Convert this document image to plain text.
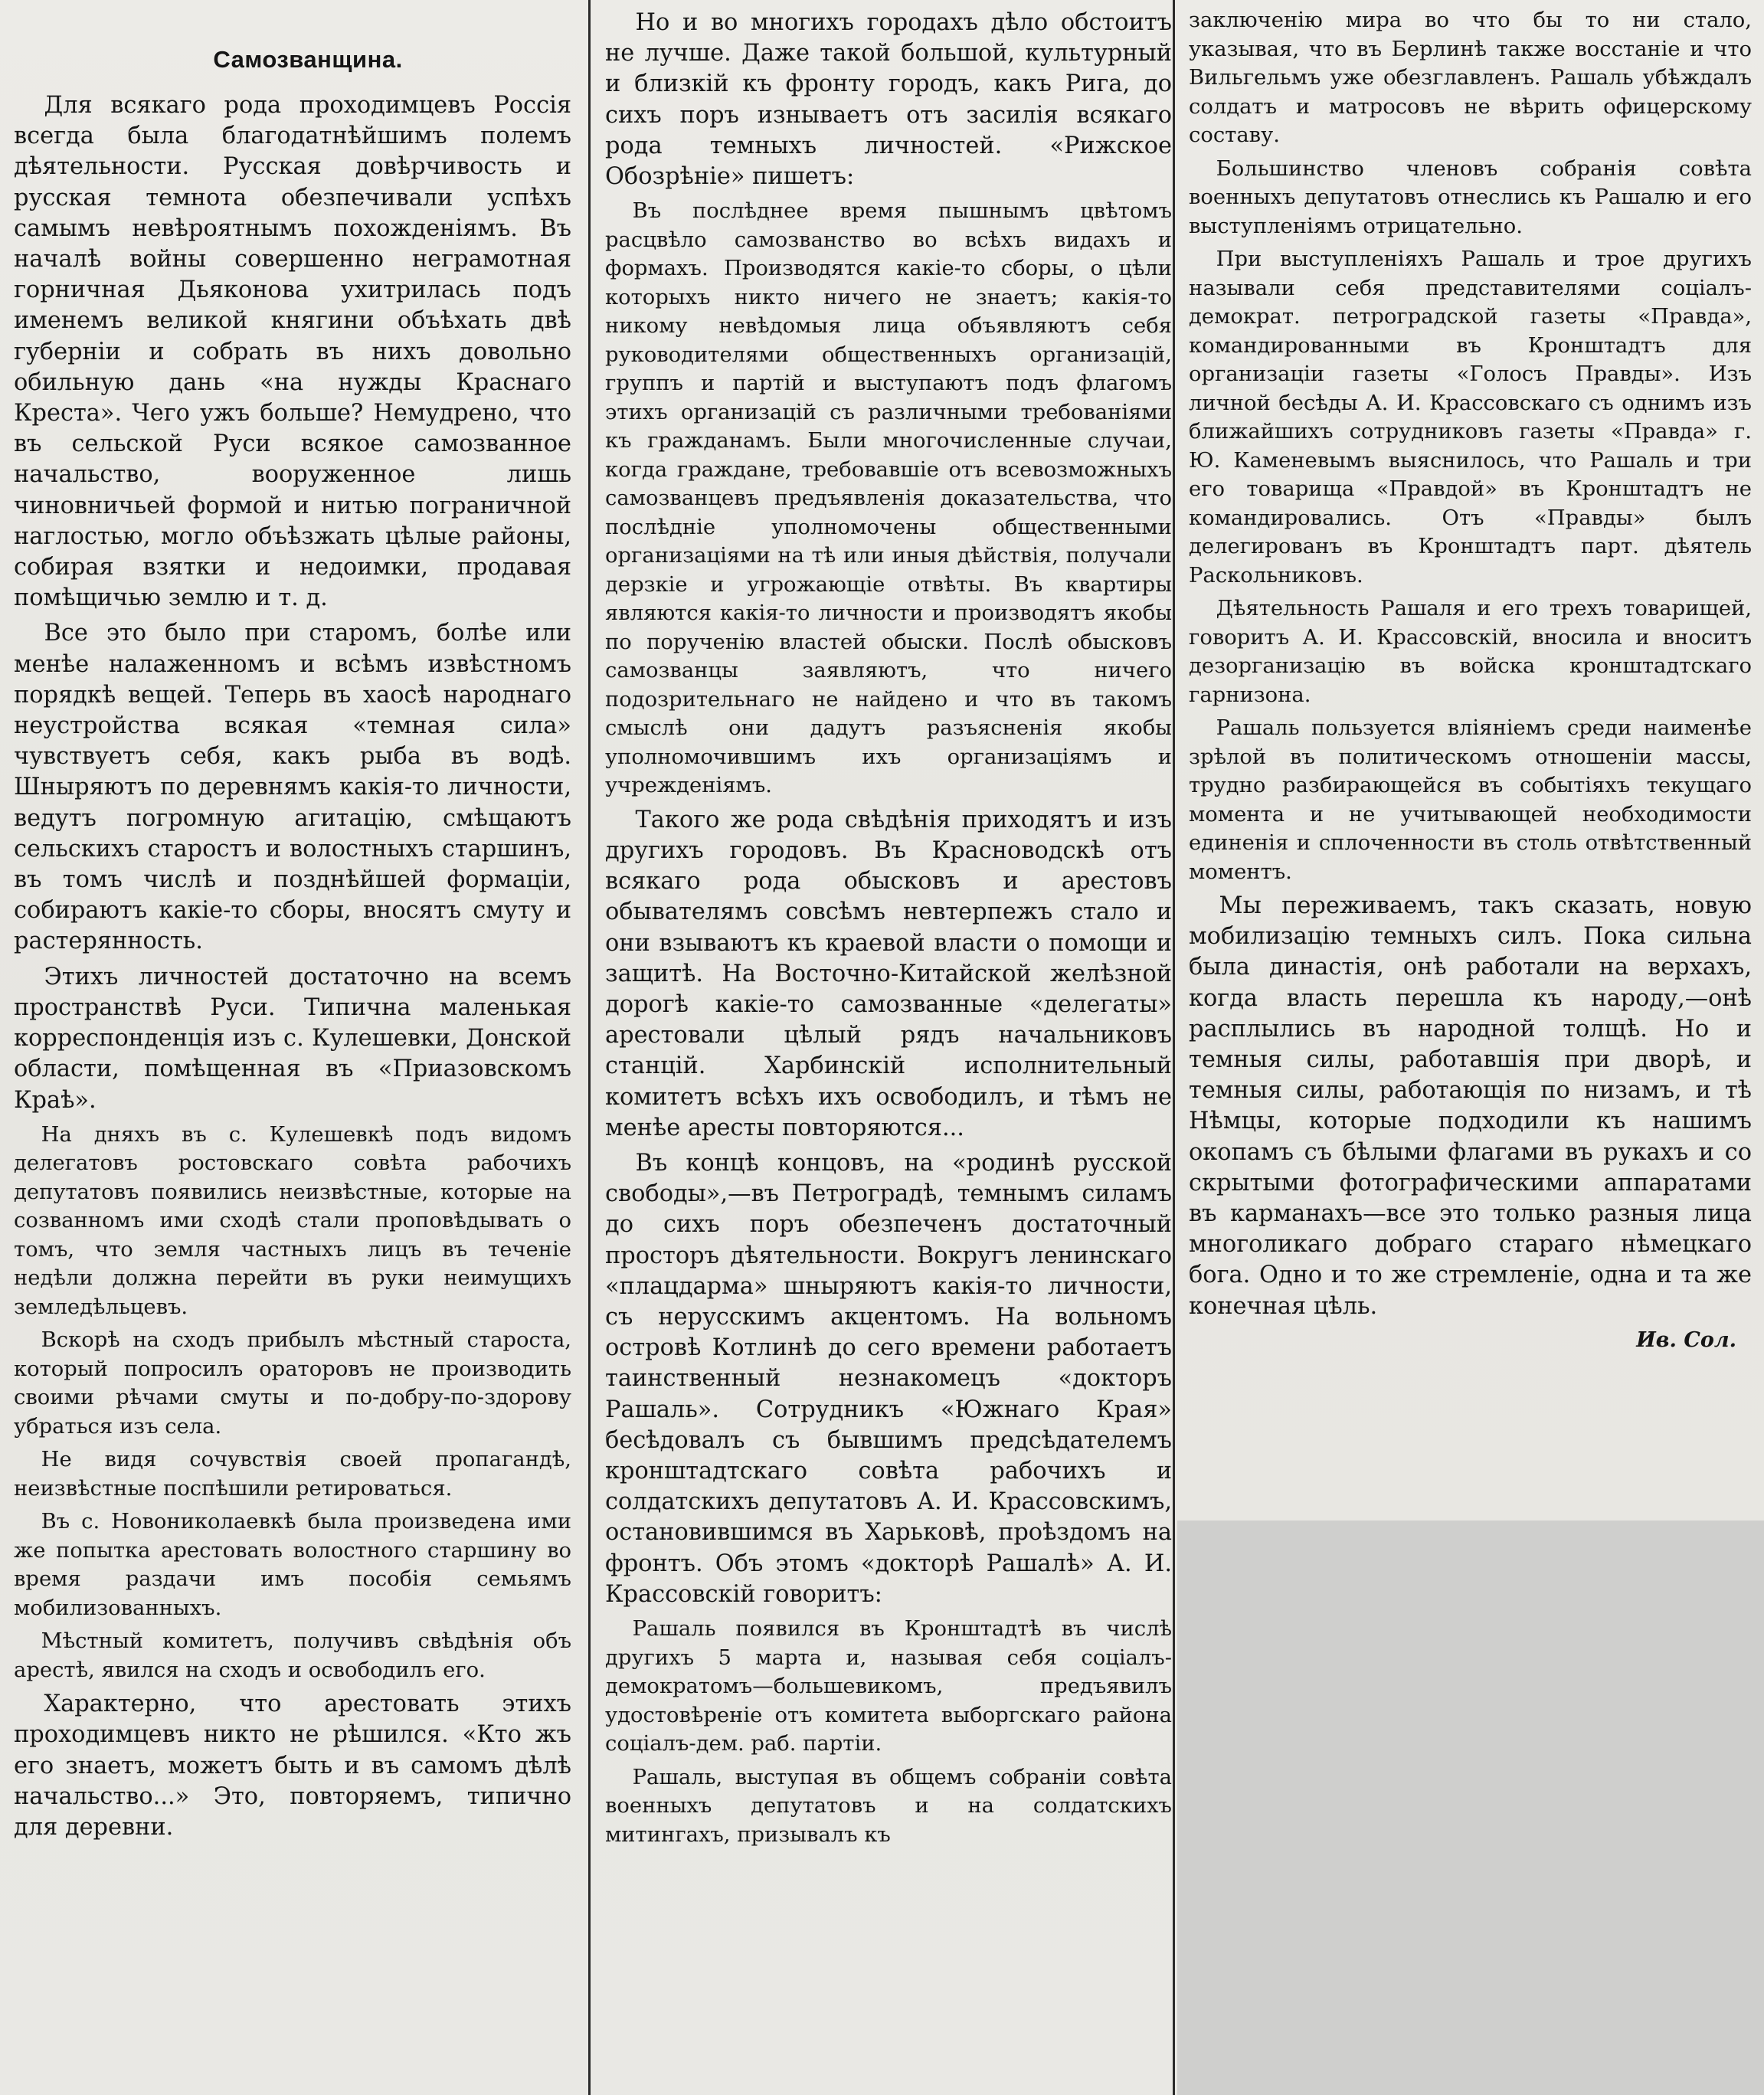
Самозванщина.

Для всякаго рода проходимцевъ Россія всегда была благодатнѣйшимъ полемъ дѣятельности. Русская довѣрчивость и русская темнота обезпечивали успѣхъ самымъ невѣроятнымъ похожденіямъ. Въ началѣ войны совершенно неграмотная горничная Дьяконова ухитрилась подъ именемъ великой княгини объѣхать двѣ губерніи и собрать въ нихъ довольно обильную дань «на нужды Краснаго Креста». Чего ужъ больше? Немудрено, что въ сельской Руси всякое самозванное начальство, вооруженное лишь чиновничьей формой и нитью пограничной наглостью, могло объѣзжать цѣлые районы, собирая взятки и недоимки, продавая помѣщичью землю и т. д.

Все это было при старомъ, болѣе или менѣе налаженномъ и всѣмъ извѣстномъ порядкѣ вещей. Теперь въ хаосѣ народнаго неустройства всякая «темная сила» чувствуетъ себя, какъ рыба въ водѣ. Шныряютъ по деревнямъ какія-то личности, ведутъ погромную агитацію, смѣщаютъ сельскихъ старостъ и волостныхъ старшинъ, въ томъ числѣ и позднѣйшей формаціи, собираютъ какіе-то сборы, вносятъ смуту и растерянность.

Этихъ личностей достаточно на всемъ пространствѣ Руси. Типична маленькая корреспонденція изъ с. Кулешевки, Донской области, помѣщенная въ «Приазовскомъ Краѣ».

На дняхъ въ с. Кулешевкѣ подъ видомъ делегатовъ ростовскаго совѣта рабочихъ депутатовъ появились неизвѣстные, которые на созванномъ ими сходѣ стали проповѣдывать о томъ, что земля частныхъ лицъ въ теченіе недѣли должна перейти въ руки неимущихъ земледѣльцевъ.

Вскорѣ на сходъ прибылъ мѣстный староста, который попросилъ ораторовъ не производить своими рѣчами смуты и по-добру-по-здорову убраться изъ села.

Не видя сочувствія своей пропагандѣ, неизвѣстные поспѣшили ретироваться.

Въ с. Новониколаевкѣ была произведена ими же попытка арестовать волостного старшину во время раздачи имъ пособія семьямъ мобилизованныхъ.

Мѣстный комитетъ, получивъ свѣдѣнія объ арестѣ, явился на сходъ и освободилъ его.

Характерно, что арестовать этихъ проходимцевъ никто не рѣшился. «Кто жъ его знаетъ, можетъ быть и въ самомъ дѣлѣ начальство...» Это, повторяемъ, типично для деревни.

Но и во многихъ городахъ дѣло обстоитъ не лучше. Даже такой большой, культурный и близкій къ фронту городъ, какъ Рига, до сихъ поръ изнываетъ отъ засилія всякаго рода темныхъ личностей. «Рижское Обозрѣніе» пишетъ:

Въ послѣднее время пышнымъ цвѣтомъ расцвѣло самозванство во всѣхъ видахъ и формахъ. Производятся какіе-то сборы, о цѣли которыхъ никто ничего не знаетъ; какія-то никому невѣдомыя лица объявляютъ себя руководителями общественныхъ организацій, группъ и партій и выступаютъ подъ флагомъ этихъ организацій съ различными требованіями къ гражданамъ. Были многочисленные случаи, когда граждане, требовавшіе отъ всевозможныхъ самозванцевъ предъявленія доказательства, что послѣдніе уполномочены общественными организаціями на тѣ или иныя дѣйствія, получали дерзкіе и угрожающіе отвѣты. Въ квартиры являются какія-то личности и производятъ якобы по порученію властей обыски. Послѣ обысковъ самозванцы заявляютъ, что ничего подозрительнаго не найдено и что въ такомъ смыслѣ они дадутъ разъясненія якобы уполномочившимъ ихъ организаціямъ и учрежденіямъ.

Такого же рода свѣдѣнія приходятъ и изъ другихъ городовъ. Въ Красноводскѣ отъ всякаго рода обысковъ и арестовъ обывателямъ совсѣмъ невтерпежъ стало и они взываютъ къ краевой власти о помощи и защитѣ. На Восточно-Китайской желѣзной дорогѣ какіе-то самозванные «делегаты» арестовали цѣлый рядъ начальниковъ станцій. Харбинскій исполнительный комитетъ всѣхъ ихъ освободилъ, и тѣмъ не менѣе аресты повторяются...

Въ концѣ концовъ, на «родинѣ русской свободы»,—въ Петроградѣ, темнымъ силамъ до сихъ поръ обезпеченъ достаточный просторъ дѣятельности. Вокругъ ленинскаго «плацдарма» шныряютъ какія-то личности, съ нерусскимъ акцентомъ. На вольномъ островѣ Котлинѣ до сего времени работаетъ таинственный незнакомецъ «докторъ Рашаль». Сотрудникъ «Южнаго Края» бесѣдовалъ съ бывшимъ предсѣдателемъ кронштадтскаго совѣта рабочихъ и солдатскихъ депутатовъ А. И. Красcовскимъ, остановившимся въ Харьковѣ, проѣздомъ на фронтъ. Объ этомъ «докторѣ Рашалѣ» А. И. Красcовскій говоритъ:

Рашаль появился въ Кронштадтѣ въ числѣ другихъ 5 марта и, называя себя соціалъ-демократомъ—большевикомъ, предъявилъ удостовѣреніе отъ комитета выборгскаго района соціалъ-дем. раб. партіи.

Рашаль, выступая въ общемъ собраніи совѣта военныхъ депутатовъ и на солдатскихъ митингахъ, призывалъ къ

заключенію мира во что бы то ни стало, указывая, что въ Берлинѣ также восстаніе и что Вильгельмъ уже обезглавленъ. Рашаль убѣждалъ солдатъ и матросовъ не вѣрить офицерскому составу.

Большинство членовъ собранія совѣта военныхъ депутатовъ отнеслись къ Рашалю и его выступленіямъ отрицательно.

При выступленіяхъ Рашаль и трое другихъ называли себя представителями соціалъ-демократ. петроградской газеты «Правда», командированными въ Кронштадтъ для организаціи газеты «Голосъ Правды». Изъ личной бесѣды А. И. Красcовскаго съ однимъ изъ ближайшихъ сотрудниковъ газеты «Правда» г. Ю. Каменевымъ выяснилось, что Рашаль и три его товарища «Правдой» въ Кронштадтъ не командировались. Отъ «Правды» былъ делегированъ въ Кронштадтъ парт. дѣятель Раскольниковъ.

Дѣятельность Рашаля и его трехъ товарищей, говоритъ А. И. Красcовскій, вносила и вноситъ дезорганизацію въ войска кронштадтскаго гарнизона.

Рашаль пользуется вліяніемъ среди наименѣе зрѣлой въ политическомъ отношеніи массы, трудно разбирающейся въ событіяхъ текущаго момента и не учитывающей необходимости единенія и сплоченности въ столь отвѣтственный моментъ.

Мы переживаемъ, такъ сказать, новую мобилизацію темныхъ силъ. Пока сильна была династія, онѣ работали на верхахъ, когда власть перешла къ народу,—онѣ расплылись въ народной толщѣ. Но и темныя силы, работавшія при дворѣ, и темныя силы, работающія по низамъ, и тѣ Нѣмцы, которые подходили къ нашимъ окопамъ съ бѣлыми флагами въ рукахъ и со скрытыми фотографическими аппаратами въ карманахъ—все это только разныя лица многоликаго добраго стараго нѣмецкаго бога. Одно и то же стремленіе, одна и та же конечная цѣль.

Ив. Сол.
